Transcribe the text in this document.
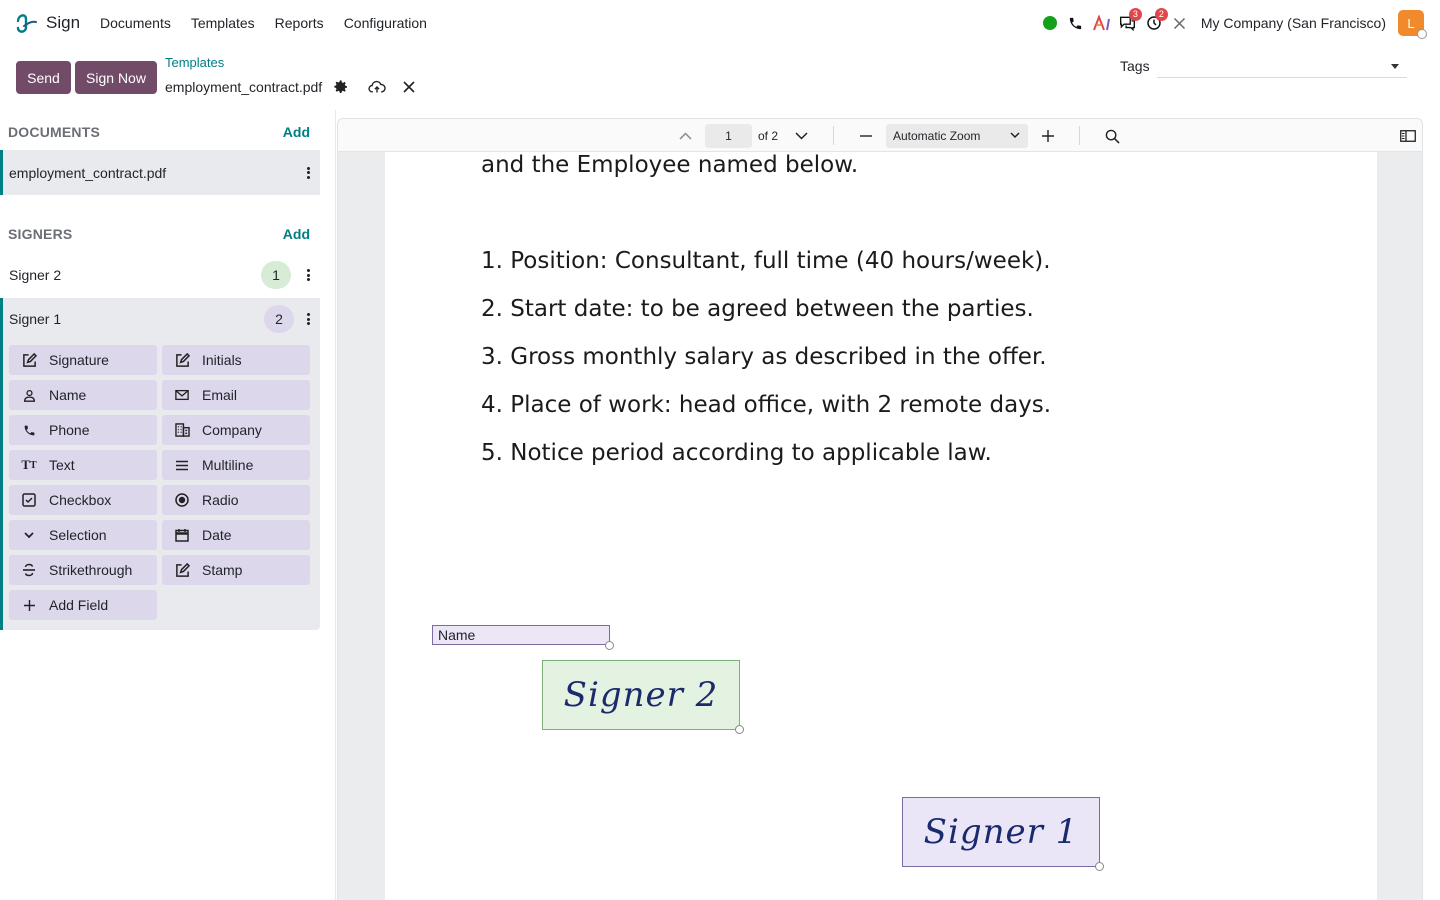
Sign Documents Templates Reports Configuration
3	2
My Company (San Francisco) L
Send	Sign Now
Templates
employment_contract.pdf
Tags
DOCUMENTS	Add
employment_contract.pdf
SIGNERS	Add
Signer 2	1
Signer 1	2
Signature	Initials
Name	Email
Phone	Company
T T Text	Multiline
Checkbox	Radio
Selection	Date
Strikethrough	Stamp
Add Field
1
of 2	Automatic Zoom
and the Employee named below.
1. Position: Consultant, full time (40 hours/week).
2. Start date: to be agreed between the parties.
3. Gross monthly salary as described in the offer.
4. Place of work: head office, with 2 remote days.
5. Notice period according to applicable law.
Name
Signer 2
Signer 1
